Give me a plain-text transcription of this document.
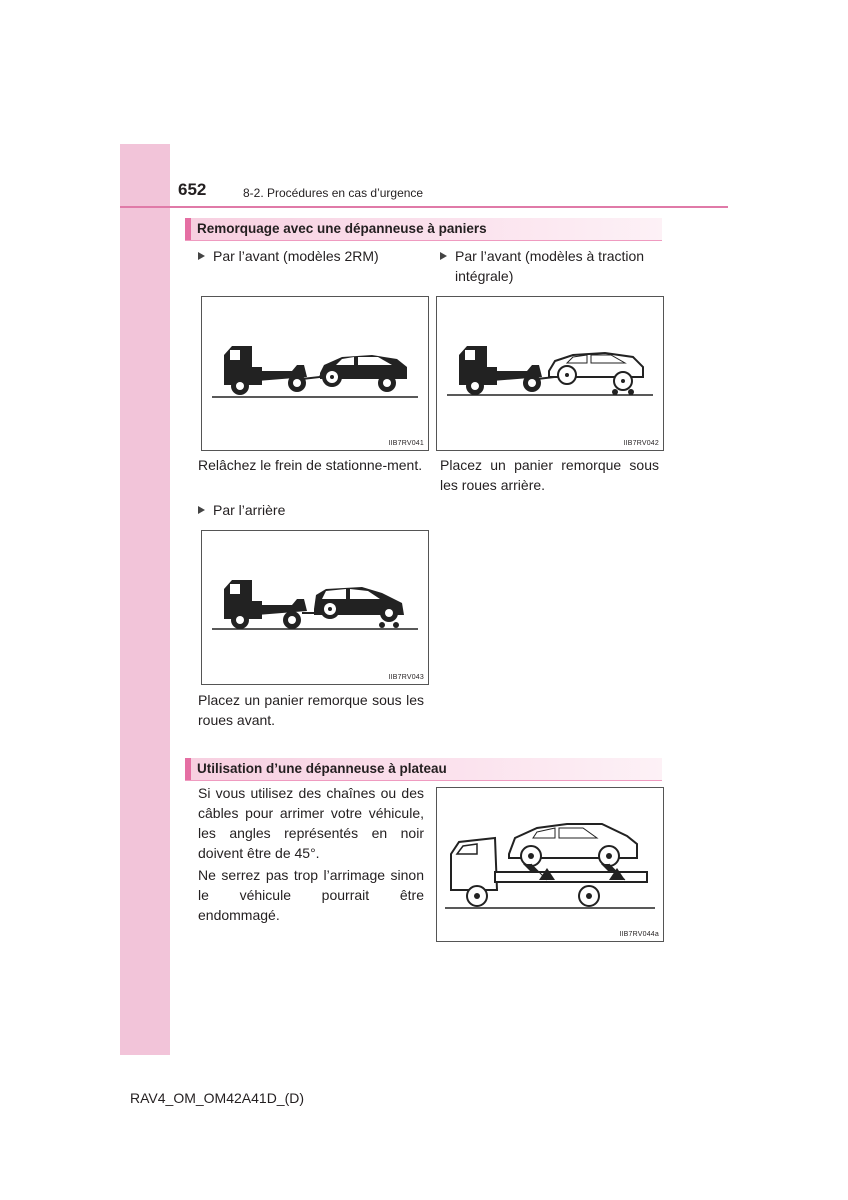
652	8-2. Procédures en cas d’urgence
Remorquage avec une dépanneuse à paniers
Par l’avant (modèles 2RM)	Par l’avant (modèles à traction
intégrale)
IIB7RV041	IIB7RV042
Relâchez le frein de stationne-ment. Placez un panier remorque sous les roues arrière.
Par l’arrière
IIB7RV043
Placez un panier remorque sous les roues avant.
Utilisation d’une dépanneuse à plateau
Si vous utilisez des chaînes ou des câbles pour arrimer votre véhicule, les angles représentés en noir doivent être de 45°.
Ne serrez pas trop l’arrimage sinon le véhicule pourrait être endommagé.
IIB7RV044a
RAV4_OM_OM42A41D_(D)
